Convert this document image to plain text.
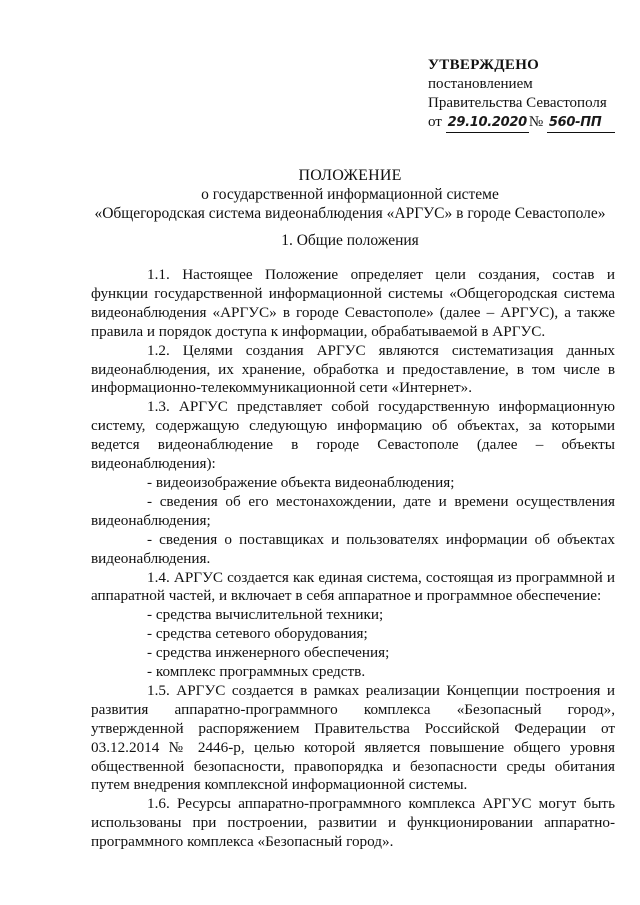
УТВЕРЖДЕНО
постановлением
Правительства Севастополя
от 29.10.2020 № 560-ПП
ПОЛОЖЕНИЕ
о государственной информационной системе
«Общегородская система видеонаблюдения «АРГУС» в городе Севастополе»
1. Общие положения

1.1. Настоящее Положение определяет цели создания, состав и функции государственной информационной системы «Общегородская система видеонаблюдения «АРГУС» в городе Севастополе» (далее – АРГУС), а также правила и порядок доступа к информации, обрабатываемой в АРГУС.

1.2. Целями создания АРГУС являются систематизация данных видеонаблюдения, их хранение, обработка и предоставление, в том числе в информационно-телекоммуникационной сети «Интернет».

1.3. АРГУС представляет собой государственную информационную систему, содержащую следующую информацию об объектах, за которыми ведется видеонаблюдение в городе Севастополе (далее – объекты видеонаблюдения):

- видеоизображение объекта видеонаблюдения;

- сведения об его местонахождении, дате и времени осуществления видеонаблюдения;

- сведения о поставщиках и пользователях информации об объектах видеонаблюдения.

1.4. АРГУС создается как единая система, состоящая из программной и аппаратной частей, и включает в себя аппаратное и программное обеспечение:

- средства вычислительной техники;

- средства сетевого оборудования;

- средства инженерного обеспечения;

- комплекс программных средств.

1.5. АРГУС создается в рамках реализации Концепции построения и развития аппаратно-программного комплекса «Безопасный город», утвержденной распоряжением Правительства Российской Федерации от 03.12.2014 № 2446-р, целью которой является повышение общего уровня общественной безопасности, правопорядка и безопасности среды обитания путем внедрения комплексной информационной системы.

1.6. Ресурсы аппаратно-программного комплекса АРГУС могут быть использованы при построении, развитии и функционировании аппаратно-программного комплекса «Безопасный город».
